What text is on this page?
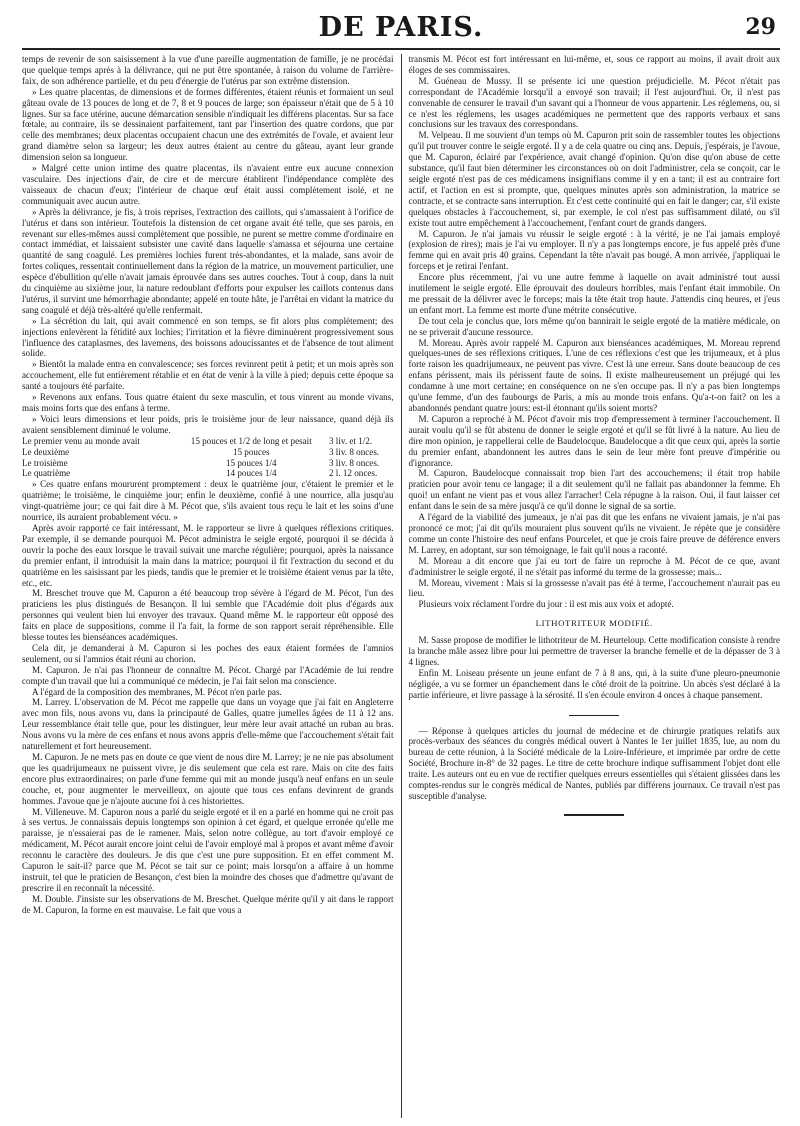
DE PARIS.	29

temps de revenir de son saisissement à la vue d'une pareille augmentation de famille, je ne procédai que quelque temps après à la délivrance, qui ne put être spontanée, à raison du volume de l'arrière-faix, de son adhérence partielle, et du peu d'énergie de l'utérus par son extrême distension.

» Les quatre placentas, de dimensions et de formes différentes, étaient réunis et formaient un seul gâteau ovale de 13 pouces de long et de 7, 8 et 9 pouces de large; son épaisseur n'était que de 5 à 10 lignes. Sur sa face utérine, aucune démarcation sensible n'indiquait les différens placentas. Sur sa face fœtale, au contraire, ils se dessinaient parfaitement, tant par l'insertion des quatre cordons, que par celle des membranes; deux placentas occupaient chacun une des extrémités de l'ovale, et avaient leur grand diamètre selon sa largeur; les deux autres étaient au centre du gâteau, ayant leur grande dimension selon sa longueur.

» Malgré cette union intime des quatre placentas, ils n'avaient entre eux aucune connexion vasculaire. Des injections d'air, de cire et de mercure établirent l'indépendance complète des vaisseaux de chacun d'eux; l'intérieur de chaque œuf était aussi complètement isolé, et ne communiquait avec aucun autre.

» Après la délivrance, je fis, à trois reprises, l'extraction des caillots, qui s'amassaient à l'orifice de l'utérus et dans son intérieur. Toutefois la distension de cet organe avait été telle, que ses parois, en revenant sur elles-mêmes aussi complètement que possible, ne purent se mettre comme d'ordinaire en contact immédiat, et laissaient subsister une cavité dans laquelle s'amassa et séjourna une certaine quantité de sang coagulé. Les premières lochies furent très-abondantes, et la malade, sans avoir de fortes coliques, ressentait continuellement dans la région de la matrice, un mouvement particulier, une espèce d'ébullition qu'elle n'avait jamais éprouvée dans ses autres couches. Tout à coup, dans la nuit du cinquième au sixième jour, la nature redoublant d'efforts pour expulser les caillots contenus dans l'utérus, il survint une hémorrhagie abondante; appelé en toute hâte, je l'arrêtai en vidant la matrice du sang coagulé et déjà très-altéré qu'elle renfermait.

» La sécrétion du lait, qui avait commencé en son temps, se fit alors plus complètement; des injections enlevèrent la fétidité aux lochies; l'irritation et la fièvre diminuèrent progressivement sous l'influence des cataplasmes, des lavemens, des boissons adoucissantes et de l'absence de tout aliment solide.

» Bientôt la malade entra en convalescence; ses forces revinrent petit à petit; et un mois après son accouchement, elle fut entièrement rétablie et en état de venir à la ville à pied; depuis cette époque sa santé a toujours été parfaite.

» Revenons aux enfans. Tous quatre étaient du sexe masculin, et tous vinrent au monde vivans, mais moins forts que des enfans à terme.

» Voici leurs dimensions et leur poids, pris le troisième jour de leur naissance, quand déjà ils avaient sensiblement diminué le volume.

Le premier venu au monde avait	15 pouces et 1/2 de long et pesait	3 liv. et 1/2.
Le deuxième	15 pouces	3 liv. 8 onces.
Le troisième	15 pouces 1/4	3 liv. 8 onces.
Le quatrième	14 pouces 1/4	2 l. 12 onces.

» Ces quatre enfans moururent promptement : deux le quatrième jour, c'étaient le premier et le quatrième; le troisième, le cinquième jour; enfin le deuxième, confié à une nourrice, alla jusqu'au vingt-quatrième jour; ce qui fait dire à M. Pécot que, s'ils avaient tous reçu le lait et les soins d'une nourrice, ils auraient probablement vécu. »

Après avoir rapporté ce fait intéressant, M. le rapporteur se livre à quelques réflexions critiques. Par exemple, il se demande pourquoi M. Pécot administra le seigle ergoté, pourquoi il se décida à ouvrir la poche des eaux lorsque le travail suivait une marche régulière; pourquoi, après la naissance du premier enfant, il introduisit la main dans la matrice; pourquoi il fit l'extraction du second et du quatrième en les saisissant par les pieds, tandis que le premier et le troisième étaient venus par la tête, etc., etc.

M. Breschet trouve que M. Capuron a été beaucoup trop sévère à l'égard de M. Pécot, l'un des praticiens les plus distingués de Besançon. Il lui semble que l'Académie doit plus d'égards aux personnes qui veulent bien lui envoyer des travaux. Quand même M. le rapporteur eût opposé des faits en place de suppositions, comme il l'a fait, la forme de son rapport serait répréhensible. Elle blesse toutes les bienséances académiques.

Cela dit, je demanderai à M. Capuron si les poches des eaux étaient formées de l'amnios seulement, ou si l'amnios était réuni au chorion.

M. Capuron. Je n'ai pas l'honneur de connaître M. Pécot. Chargé par l'Académie de lui rendre compte d'un travail que lui a communiqué ce médecin, je l'ai fait selon ma conscience.

A l'égard de la composition des membranes, M. Pécot n'en parle pas.

M. Larrey. L'observation de M. Pécot me rappelle que dans un voyage que j'ai fait en Angleterre avec mon fils, nous avons vu, dans la principauté de Galles, quatre jumelles âgées de 11 à 12 ans. Leur ressemblance était telle que, pour les distinguer, leur mère leur avait attaché un ruban au bras. Nous avons vu la mère de ces enfans et nous avons appris d'elle-même que l'accouchement s'était fait naturellement et fort heureusement.

M. Capuron. Je ne mets pas en doute ce que vient de nous dire M. Larrey; je ne nie pas absolument que les quadrijumeaux ne puissent vivre, je dis seulement que cela est rare. Mais on cite des faits encore plus extraordinaires; on parle d'une femme qui mit au monde jusqu'à neuf enfans en un seule couche, et, pour augmenter le merveilleux, on ajoute que tous ces enfans devinrent de grands hommes. J'avoue que je n'ajoute aucune foi à ces historiettes.

M. Villeneuve. M. Capuron nous a parlé du seigle ergoté et il en a parlé en homme qui ne croit pas à ses vertus. Je connaissais depuis longtemps son opinion à cet égard, et quelque erronée qu'elle me paraisse, je n'essaierai pas de le ramener. Mais, selon notre collègue, au tort d'avoir employé ce médicament, M. Pécot aurait encore joint celui de l'avoir employé mal à propos et avant même d'avoir reconnu le caractère des douleurs. Je dis que c'est une pure supposition. Et en effet comment M. Capuron le sait-il? parce que M. Pécot se tait sur ce point; mais lorsqu'on a affaire à un homme instruit, tel que le praticien de Besançon, c'est bien la moindre des choses que d'admettre qu'avant de prescrire il en reconnaît la nécessité.

M. Double. J'insiste sur les observations de M. Breschet. Quelque mérite qu'il y ait dans le rapport de M. Capuron, la forme en est mauvaise. Le fait que vous a

transmis M. Pécot est fort intéressant en lui-même, et, sous ce rapport au moins, il avait droit aux éloges de ses commissaires.

M. Guéneau de Mussy. Il se présente ici une question préjudicielle. M. Pécot n'était pas correspondant de l'Académie lorsqu'il a envoyé son travail; il l'est aujourd'hui. Or, il n'est pas convenable de censurer le travail d'un savant qui a l'honneur de vous appartenir. Les réglemens, ou, si ce n'est les réglemens, les usages académiques ne permettent que des rapports verbaux et sans conclusions sur les travaux des correspondans.

M. Velpeau. Il me souvient d'un temps où M. Capuron prit soin de rassembler toutes les objections qu'il put trouver contre le seigle ergoté. Il y a de cela quatre ou cinq ans. Depuis, j'espérais, je l'avoue, que M. Capuron, éclairé par l'expérience, avait changé d'opinion. Qu'on dise qu'on abuse de cette substance, qu'il faut bien déterminer les circonstances où on doit l'administrer, cela se conçoit, car le seigle ergoté n'est pas de ces médicamens insignifians comme il y en a tant; il est au contraire fort actif, et l'action en est si prompte, que, quelques minutes après son administration, la matrice se contracte, et se contracte sans interruption. Et c'est cette continuité qui en fait le danger; car, s'il existe quelques obstacles à l'accouchement, si, par exemple, le col n'est pas suffisamment dilaté, ou s'il existe tout autre empêchement à l'accouchement, l'enfant court de grands dangers.

M. Capuron. Je n'ai jamais vu réussir le seigle ergoté : à la vérité, je ne l'ai jamais employé (explosion de rires); mais je l'ai vu employer. Il n'y a pas longtemps encore, je fus appelé près d'une femme qui en avait pris 40 grains. Cependant la tête n'avait pas bougé. A mon arrivée, j'appliquai le forceps et je retirai l'enfant.

Encore plus récemment, j'ai vu une autre femme à laquelle on avait administré tout aussi inutilement le seigle ergoté. Elle éprouvait des douleurs horribles, mais l'enfant était immobile. On me pressait de la délivrer avec le forceps; mais la tête était trop haute. J'attendis cinq heures, et j'eus un enfant mort. La femme est morte d'une métrite consécutive.

De tout cela je conclus que, lors même qu'on bannirait le seigle ergoté de la matière médicale, on ne se priverait d'aucune ressource.

M. Moreau. Après avoir rappelé M. Capuron aux bienséances académiques, M. Moreau reprend quelques-unes de ses réflexions critiques. L'une de ces réflexions c'est que les trijumeaux, et à plus forte raison les quadrijumeaux, ne peuvent pas vivre. C'est là une erreur. Sans doute beaucoup de ces enfans périssent, mais ils périssent faute de soins. Il existe malheureusement un préjugé qui les condamne à une mort certaine; en conséquence on ne s'en occupe pas. Il n'y a pas bien longtemps qu'une femme, d'un des faubourgs de Paris, a mis au monde trois enfans. Qu'a-t-on fait? on les a abandonnés pendant quatre jours: est-il étonnant qu'ils soient morts?

M. Capuron a reproché à M. Pécot d'avoir mis trop d'empressement à terminer l'accouchement. Il aurait voulu qu'il se fût abstenu de donner le seigle ergoté et qu'il se fût livré à la nature. Au lieu de dire mon opinion, je rappellerai celle de Baudelocque. Baudelocque a dit que ceux qui, après la sortie du premier enfant, abandonnent les autres dans le sein de leur mère font preuve d'impéritie ou d'ignorance.

M. Capuron. Baudelocque connaissait trop bien l'art des accouchemens; il était trop habile praticien pour avoir tenu ce langage; il a dit seulement qu'il ne fallait pas abandonner la femme. Eh quoi! un enfant ne vient pas et vous allez l'arracher! Cela répugne à la raison. Oui, il faut laisser cet enfant dans le sein de sa mère jusqu'à ce qu'il donne le signal de sa sortie.

A l'égard de la viabilité des jumeaux, je n'ai pas dit que les enfans ne vivaient jamais, je n'ai pas prononcé ce mot; j'ai dit qu'ils mouraient plus souvent qu'ils ne vivaient. Je répète que je considère comme un conte l'histoire des neuf enfans Pourcelet, et que je crois faire preuve de déférence envers M. Larrey, en adoptant, sur son témoignage, le fait qu'il nous a raconté.

M. Moreau a dit encore que j'ai eu tort de faire un reproche à M. Pécot de ce que, avant d'administrer le seigle ergoté, il ne s'était pas informé du terme de la grossesse; mais...

M. Moreau, vivement : Mais si la grossesse n'avait pas été à terme, l'accouchement n'aurait pas eu lieu.

Plusieurs voix réclament l'ordre du jour : il est mis aux voix et adopté.

LITHOTRITEUR MODIFIÉ.

M. Sasse propose de modifier le lithotriteur de M. Heurteloup. Cette modification consiste à rendre la branche mâle assez libre pour lui permettre de traverser la branche femelle et de la dépasser de 3 à 4 lignes.

Enfin M. Loiseau présente un jeune enfant de 7 à 8 ans, qui, à la suite d'une pleuro-pneumonie négligée, a vu se former un épanchement dans le côté droit de la poitrine. Un abcès s'est déclaré à la partie inférieure, et livre passage à la sérosité. Il s'en écoule environ 4 onces à chaque pansement.

— Réponse à quelques articles du journal de médecine et de chirurgie pratiques relatifs aux procès-verbaux des séances du congrès médical ouvert à Nantes le 1er juillet 1835, lue, au nom du bureau de cette réunion, à la Société médicale de la Loire-Inférieure, et imprimée par ordre de cette Société, Brochure in-8° de 32 pages. Le titre de cette brochure indique suffisamment l'objet dont elle traite. Les auteurs ont eu en vue de rectifier quelques erreurs essentielles qui s'étaient glissées dans les comptes-rendus sur le congrès médical de Nantes, publiés par différens journaux. Ce travail n'est pas susceptible d'analyse.
